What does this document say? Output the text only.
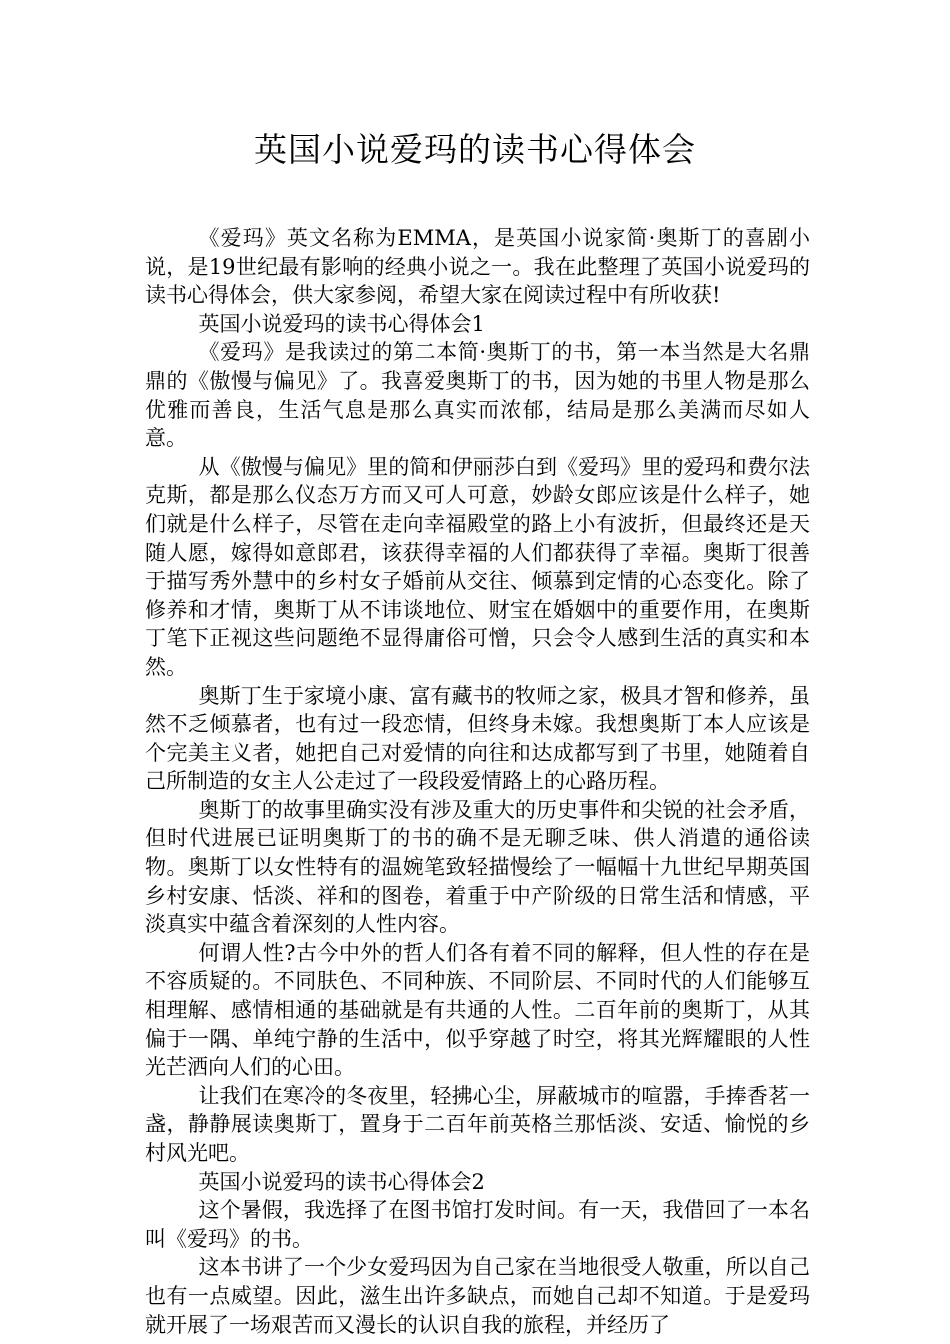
英国小说爱玛的读书心得体会

《爱玛》英文名称为EMMA，是英国小说家简·奥斯丁的喜剧小说，是19世纪最有影响的经典小说之一。我在此整理了英国小说爱玛的读书心得体会，供大家参阅，希望大家在阅读过程中有所收获!

英国小说爱玛的读书心得体会1

《爱玛》是我读过的第二本简·奥斯丁的书，第一本当然是大名鼎鼎的《傲慢与偏见》了。我喜爱奥斯丁的书，因为她的书里人物是那么优雅而善良，生活气息是那么真实而浓郁，结局是那么美满而尽如人意。

从《傲慢与偏见》里的简和伊丽莎白到《爱玛》里的爱玛和费尔法克斯，都是那么仪态万方而又可人可意，妙龄女郎应该是什么样子，她们就是什么样子，尽管在走向幸福殿堂的路上小有波折，但最终还是天随人愿，嫁得如意郎君，该获得幸福的人们都获得了幸福。奥斯丁很善于描写秀外慧中的乡村女子婚前从交往、倾慕到定情的心态变化。除了修养和才情，奥斯丁从不讳谈地位、财宝在婚姻中的重要作用，在奥斯丁笔下正视这些问题绝不显得庸俗可憎，只会令人感到生活的真实和本然。

奥斯丁生于家境小康、富有藏书的牧师之家，极具才智和修养，虽然不乏倾慕者，也有过一段恋情，但终身未嫁。我想奥斯丁本人应该是个完美主义者，她把自己对爱情的向往和达成都写到了书里，她随着自己所制造的女主人公走过了一段段爱情路上的心路历程。

奥斯丁的故事里确实没有涉及重大的历史事件和尖锐的社会矛盾，但时代进展已证明奥斯丁的书的确不是无聊乏味、供人消遣的通俗读物。奥斯丁以女性特有的温婉笔致轻描慢绘了一幅幅十九世纪早期英国乡村安康、恬淡、祥和的图卷，着重于中产阶级的日常生活和情感，平淡真实中蕴含着深刻的人性内容。

何谓人性?古今中外的哲人们各有着不同的解释，但人性的存在是不容质疑的。不同肤色、不同种族、不同阶层、不同时代的人们能够互相理解、感情相通的基础就是有共通的人性。二百年前的奥斯丁，从其偏于一隅、单纯宁静的生活中，似乎穿越了时空，将其光辉耀眼的人性光芒洒向人们的心田。

让我们在寒冷的冬夜里，轻拂心尘，屏蔽城市的喧嚣，手捧香茗一盏，静静展读奥斯丁，置身于二百年前英格兰那恬淡、安适、愉悦的乡村风光吧。

英国小说爱玛的读书心得体会2

这个暑假，我选择了在图书馆打发时间。有一天，我借回了一本名叫《爱玛》的书。

这本书讲了一个少女爱玛因为自己家在当地很受人敬重，所以自己也有一点威望。因此，滋生出许多缺点，而她自己却不知道。于是爱玛就开展了一场艰苦而又漫长的认识自我的旅程，并经历了
